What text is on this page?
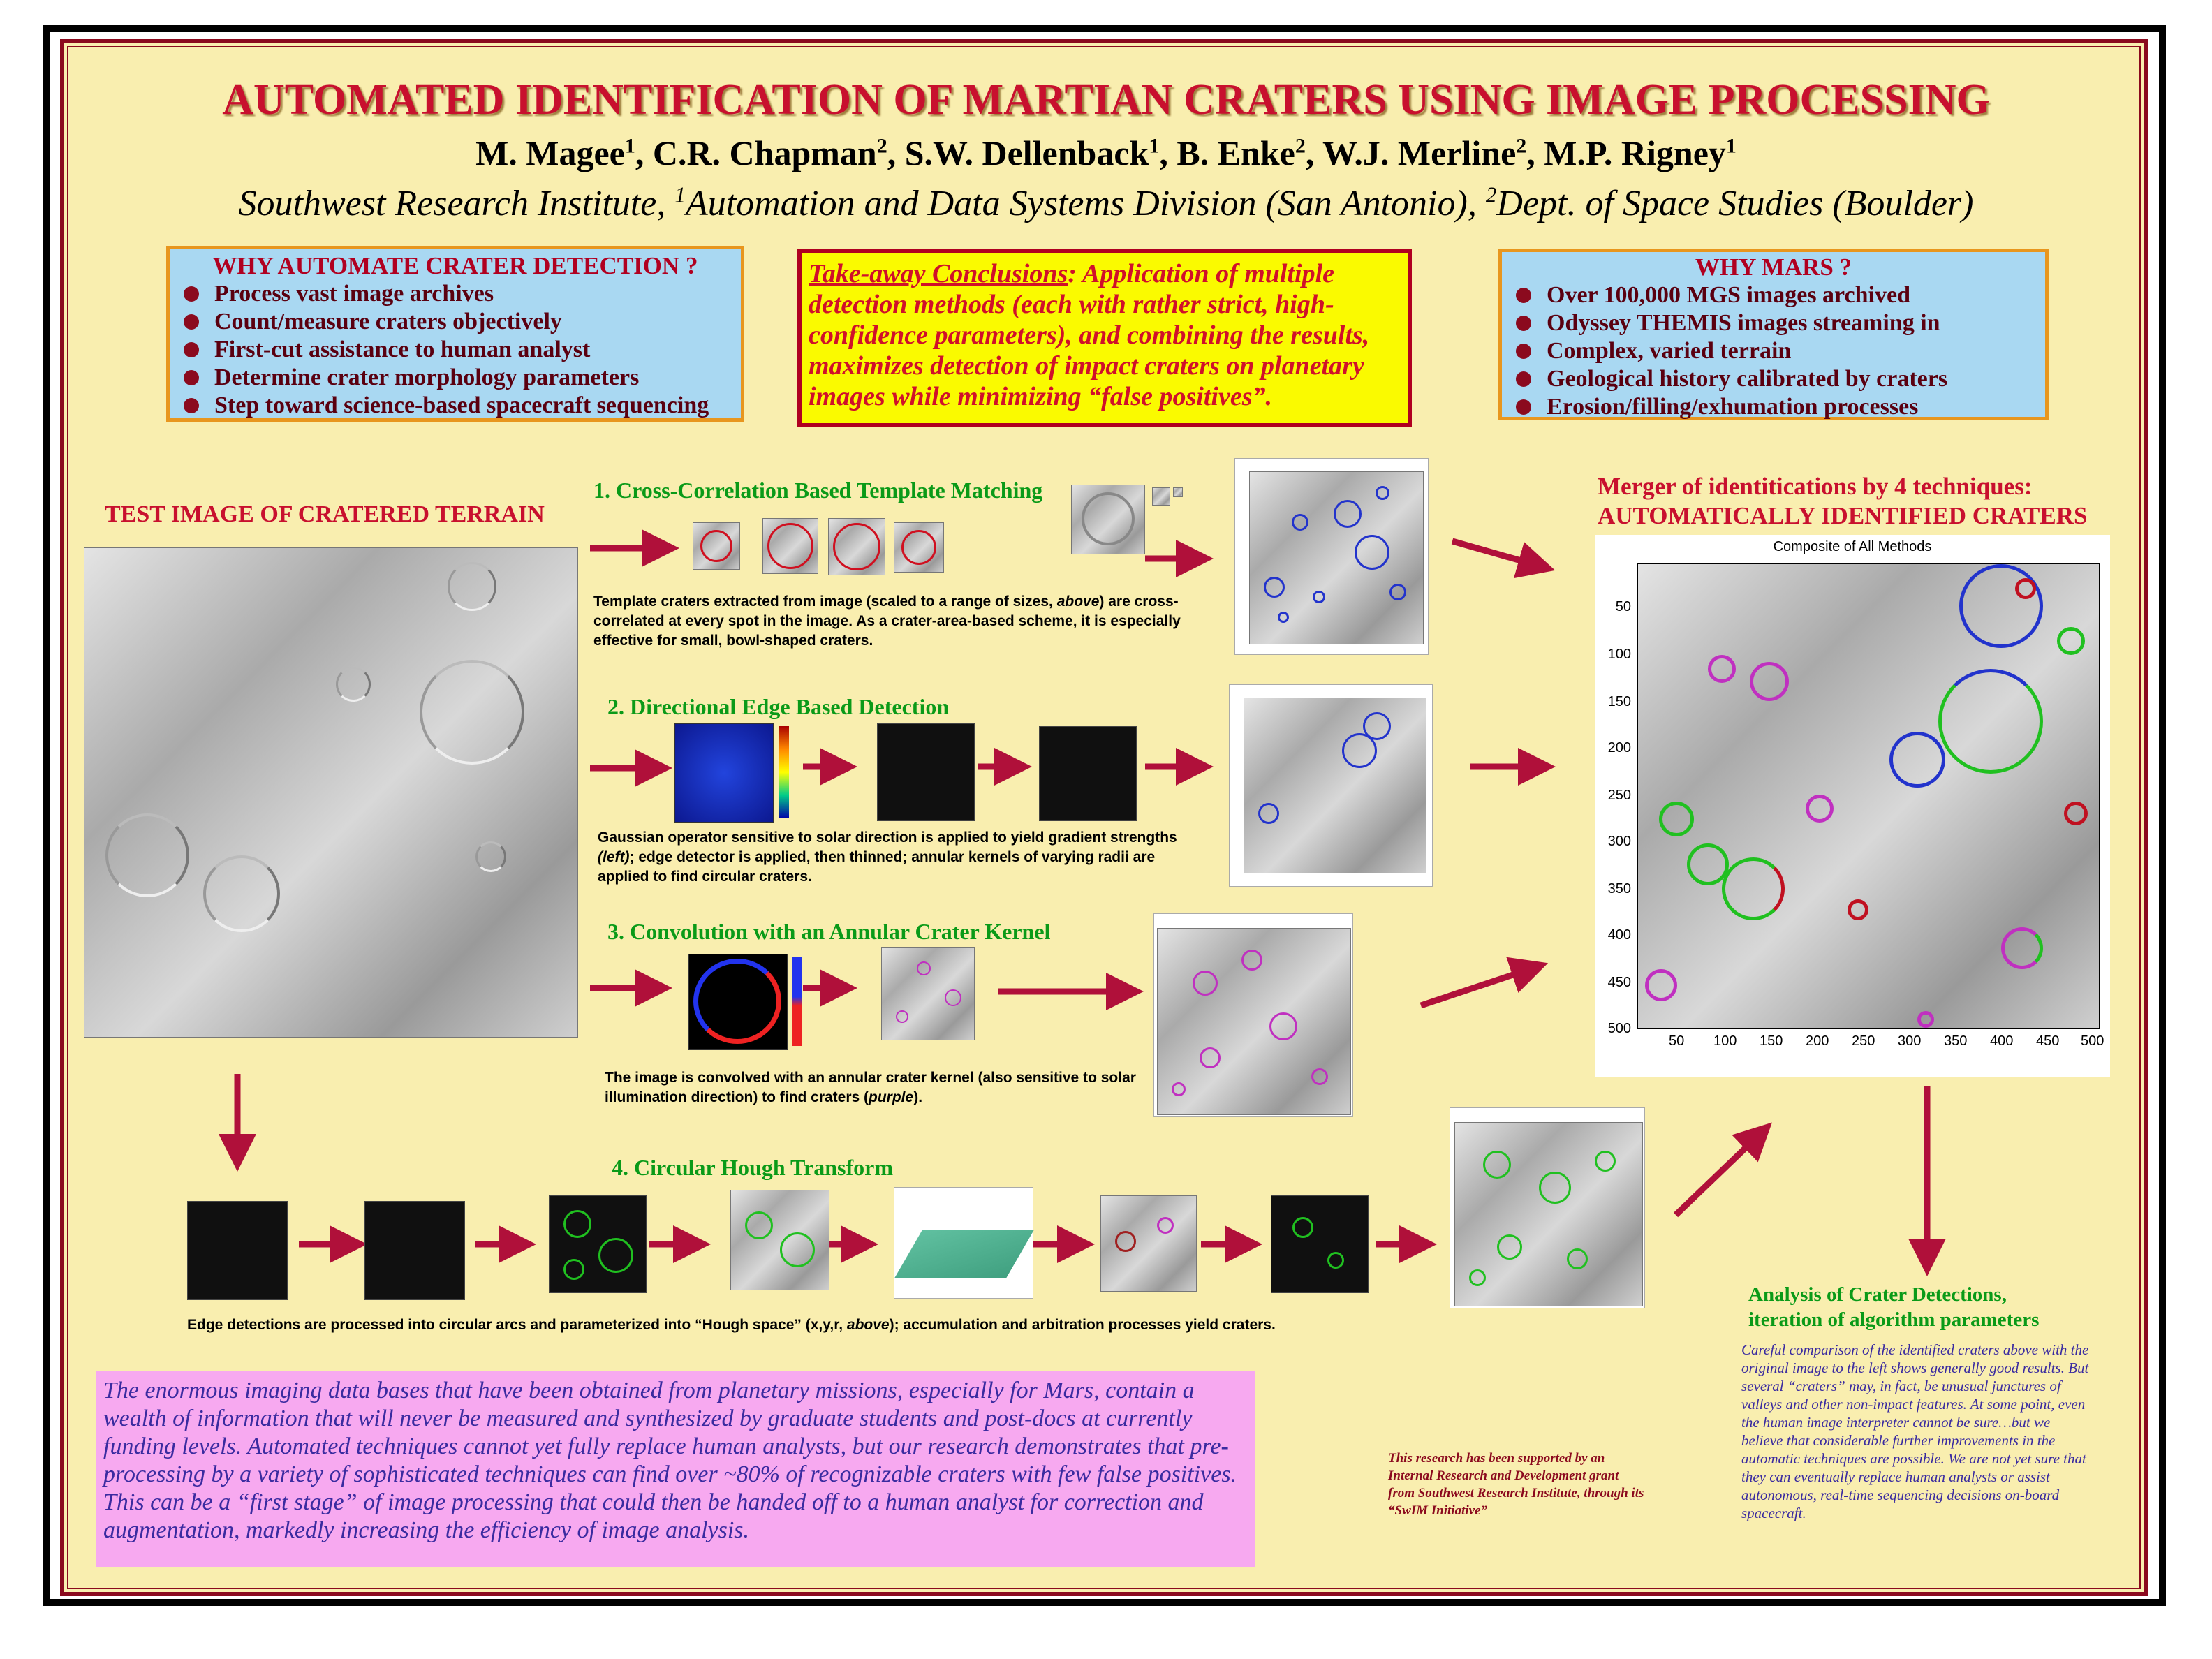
AUTOMATED IDENTIFICATION OF MARTIAN CRATERS USING IMAGE PROCESSING
M. Magee$^1$, C.R. Chapman$^2$, S.W. Dellenback$^1$, B. Enke$^2$, W.J. Merline$^2$, M.P. Rigney$^1$
Southwest Research Institute, $^1$Automation and Data Systems Division (San Antonio), $^2$Dept. of Space Studies (Boulder)
WHY AUTOMATE CRATER DETECTION ?
Process vast image archives
Count/measure craters objectively
First-cut assistance to human analyst
Determine crater morphology parameters
Step toward science-based spacecraft sequencing
Take-away Conclusions: Application of multiple detection methods (each with rather strict, high-confidence parameters), and combining the results, maximizes detection of impact craters on planetary images while minimizing “false positives”.
WHY MARS ?
Over 100,000 MGS images archived
Odyssey THEMIS images streaming in
Complex, varied terrain
Geological history calibrated by craters
Erosion/filling/exhumation processes
TEST IMAGE OF CRATERED TERRAIN
1. Cross-Correlation Based Template Matching
Template craters extracted from image (scaled to a range of sizes, above) are cross-correlated at every spot in the image. As a crater-area-based scheme, it is especially effective for small, bowl-shaped craters.
2. Directional Edge Based Detection
Gaussian operator sensitive to solar direction is applied to yield gradient strengths (left); edge detector is applied, then thinned; annular kernels of varying radii are applied to find circular craters.
3. Convolution with an Annular Crater Kernel
The image is convolved with an annular crater kernel (also sensitive to solar illumination direction) to find craters (purple).
4. Circular Hough Transform
Edge detections are processed into circular arcs and parameterized into “Hough space” (x,y,r, above); accumulation and arbitration processes yield craters.
Merger of identitications by 4 techniques:
AUTOMATICALLY IDENTIFIED CRATERS
Composite of All Methods
50
100
150
200
250
300
350
400
450
500
50 100 150 200 250 300 350 400 450 500
Analysis of Crater Detections,
iteration of algorithm parameters
Careful comparison of the identified craters above with the original image to the left shows generally good results. But several “craters” may, in fact, be unusual junctures of valleys and other non-impact features. At some point, even the human image interpreter cannot be sure…but we believe that considerable further improvements in the automatic techniques are possible. We are not yet sure that they can eventually replace human analysts or assist autonomous, real-time sequencing decisions on-board spacecraft.
The enormous imaging data bases that have been obtained from planetary missions, especially for Mars, contain a wealth of information that will never be measured and synthesized by graduate students and post-docs at currently funding levels. Automated techniques cannot yet fully replace human analysts, but our research demonstrates that pre-processing by a variety of sophisticated techniques can find over ~80% of recognizable craters with few false positives. This can be a “first stage” of image processing that could then be handed off to a human analyst for correction and augmentation, markedly increasing the efficiency of image analysis.
This research has been supported by an Internal Research and Development grant from Southwest Research Institute, through its “SwIM Initiative”
